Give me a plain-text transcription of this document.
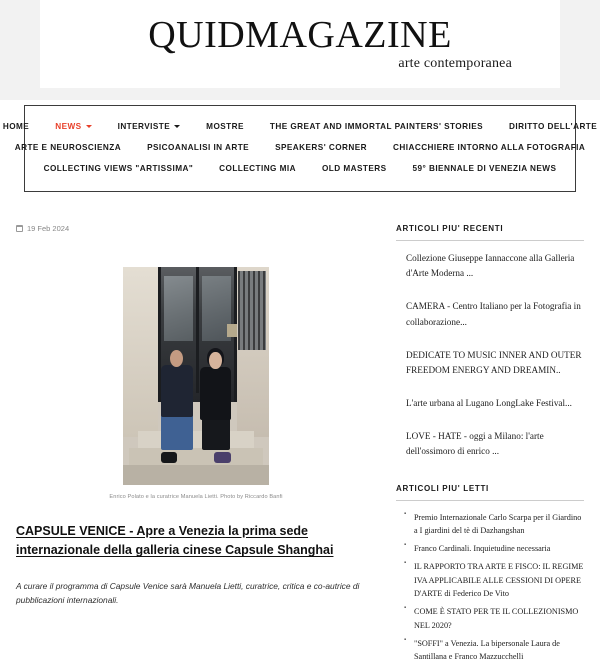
QUIDMAGAZINE
arte contemporanea
HOME	NEWS	INTERVISTE	MOSTRE	THE GREAT AND IMMORTAL PAINTERS' STORIES	DIRITTO DELL'ARTE
ARTE E NEUROSCIENZA	PSICOANALISI IN ARTE	SPEAKERS' CORNER	CHIACCHIERE INTORNO ALLA FOTOGRAFIA
COLLECTING VIEWS "ARTISSIMA"	COLLECTING MIA	OLD MASTERS	59° BIENNALE DI VENEZIA NEWS
19 Feb 2024
Enrico Polato e la curatrice Manuela Lietti. Photo by Riccardo Banfi
CAPSULE VENICE - Apre a Venezia la prima sede internazionale della galleria cinese Capsule Shanghai

A curare il programma di Capsule Venice sarà Manuela Lietti, curatrice, critica e co-autrice di pubblicazioni internazionali.

ARTICOLI PIU' RECENTI
Collezione Giuseppe Iannaccone alla Galleria d'Arte Moderna ...
CAMERA - Centro Italiano per la Fotografia in collaborazione...
DEDICATE TO MUSIC INNER AND OUTER FREEDOM ENERGY AND DREAMIN..
L'arte urbana al Lugano LongLake Festival...
LOVE - HATE - oggi a Milano: l'arte dell'ossimoro di enrico ...
ARTICOLI PIU' LETTI
▪ Premio Internazionale Carlo Scarpa per il Giardino a I giardini del tè di Dazhangshan
▪ Franco Cardinali. Inquietudine necessaria
▪ IL RAPPORTO TRA ARTE E FISCO: IL REGIME IVA APPLICABILE ALLE CESSIONI DI OPERE D'ARTE di Federico De Vito
▪ COME È STATO PER TE IL COLLEZIONISMO NEL 2020?
▪ "SOFFI" a Venezia. La bipersonale Laura de Santillana e Franco Mazzucchelli
